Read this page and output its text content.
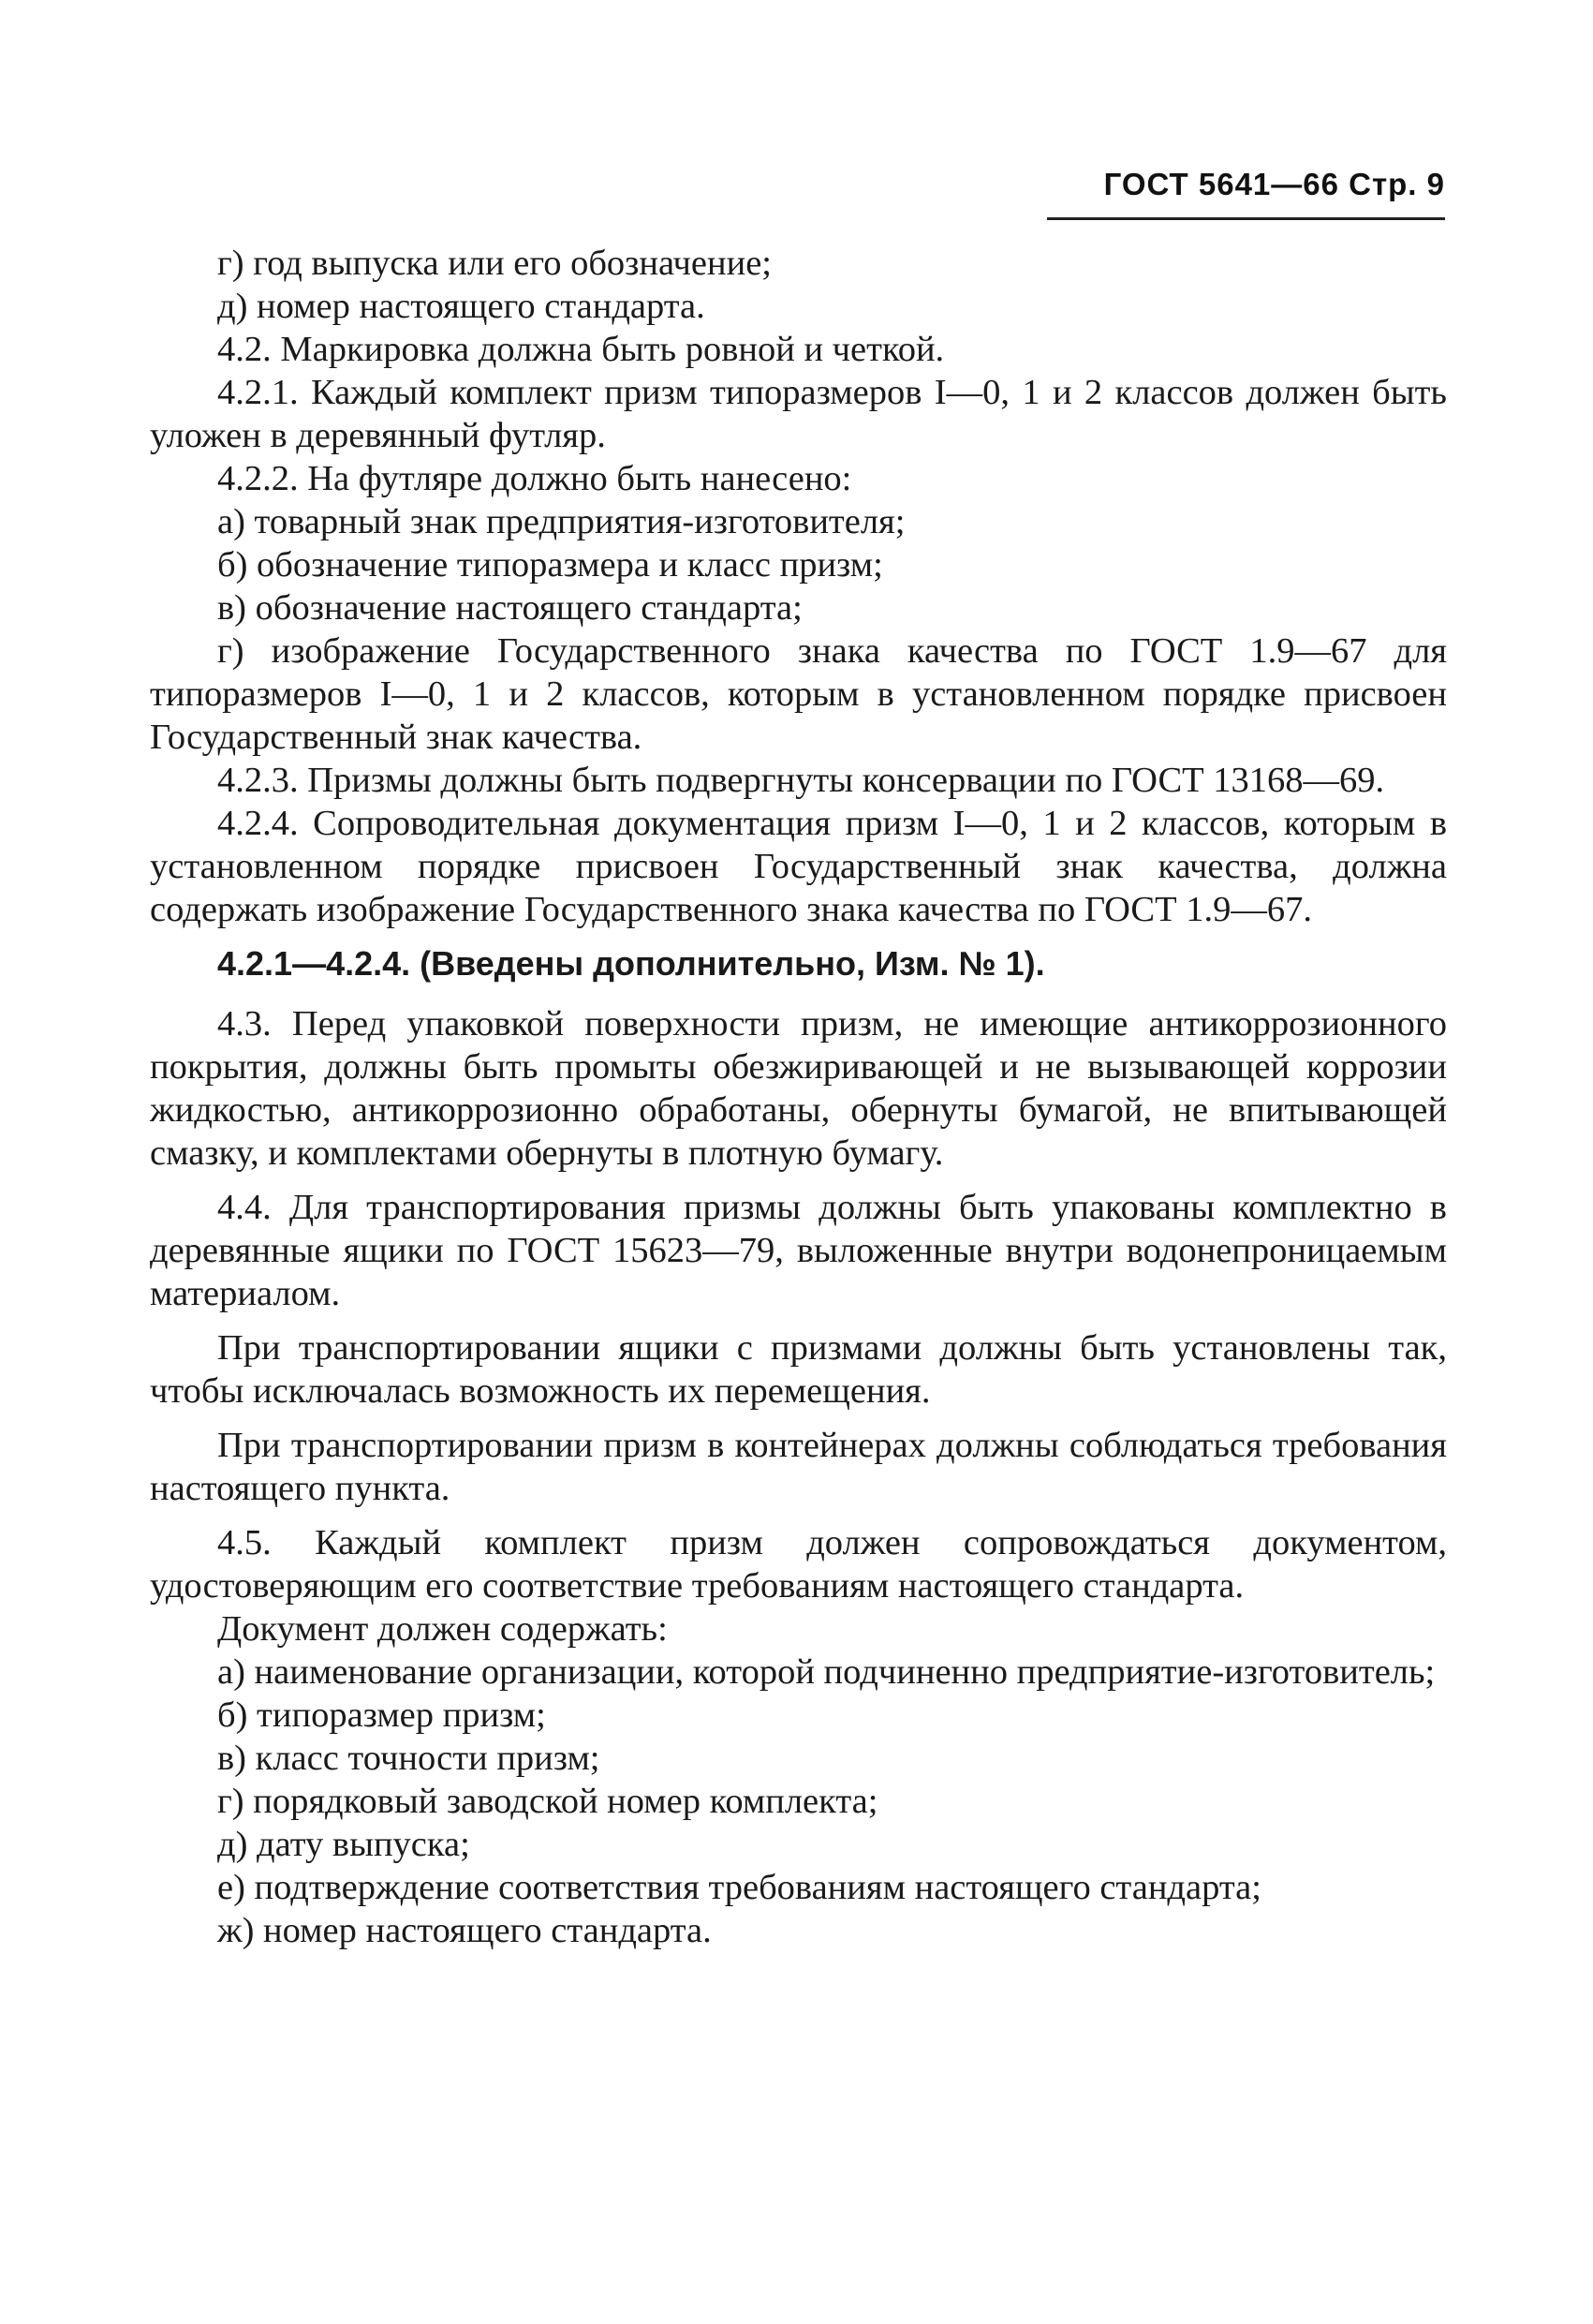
ГОСТ 5641—66 Стр. 9

г) год выпуска или его обозначение;

д) номер настоящего стандарта.

4.2. Маркировка должна быть ровной и четкой.

4.2.1. Каждый комплект призм типоразмеров I—0, 1 и 2 классов должен быть уложен в деревянный футляр.

4.2.2. На футляре должно быть нанесено:

а) товарный знак предприятия-изготовителя;

б) обозначение типоразмера и класс призм;

в) обозначение настоящего стандарта;

г) изображение Государственного знака качества по ГОСТ 1.9—67 для типоразмеров I—0, 1 и 2 классов, которым в установленном порядке присвоен Государственный знак качества.

4.2.3. Призмы должны быть подвергнуты консервации по ГОСТ 13168—69.

4.2.4. Сопроводительная документация призм I—0, 1 и 2 классов, которым в установленном порядке присвоен Государственный знак качества, должна содержать изображение Государственного знака качества по ГОСТ 1.9—67.

4.2.1—4.2.4. (Введены дополнительно, Изм. № 1).

4.3. Перед упаковкой поверхности призм, не имеющие антикоррозионного покрытия, должны быть промыты обезжиривающей и не вызывающей коррозии жидкостью, антикоррозионно обработаны, обернуты бумагой, не впитывающей смазку, и комплектами обернуты в плотную бумагу.

4.4. Для транспортирования призмы должны быть упакованы комплектно в деревянные ящики по ГОСТ 15623—79, выложенные внутри водонепроницаемым материалом.

При транспортировании ящики с призмами должны быть установлены так, чтобы исключалась возможность их перемещения.

При транспортировании призм в контейнерах должны соблюдаться требования настоящего пункта.

4.5. Каждый комплект призм должен сопровождаться документом, удостоверяющим его соответствие требованиям настоящего стандарта.

Документ должен содержать:

а) наименование организации, которой подчиненно предприятие-изготовитель;

б) типоразмер призм;

в) класс точности призм;

г) порядковый заводской номер комплекта;

д) дату выпуска;

е) подтверждение соответствия требованиям настоящего стандарта;

ж) номер настоящего стандарта.
